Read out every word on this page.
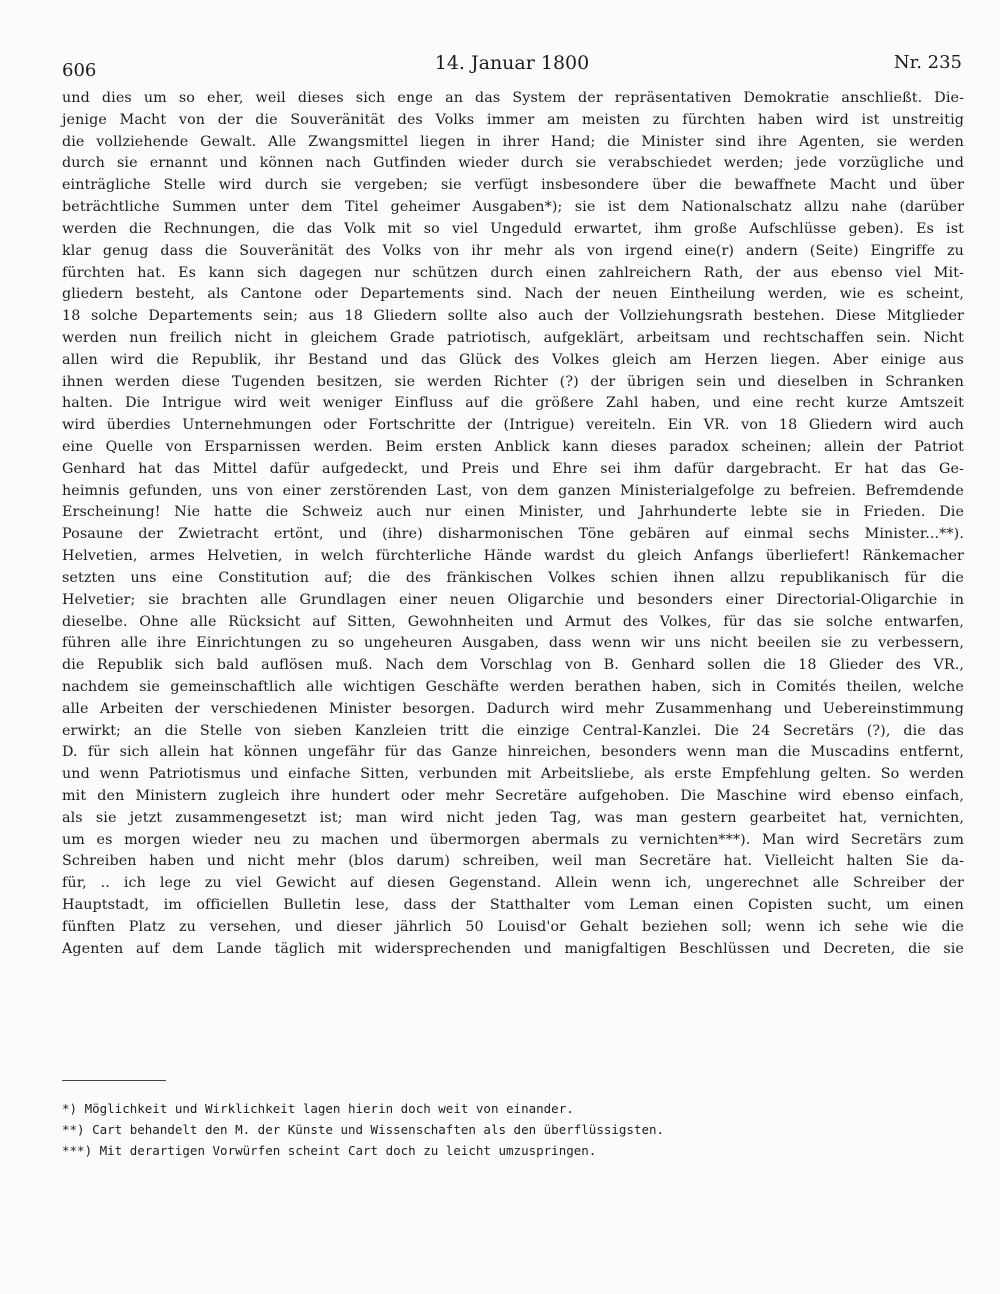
606	14. Januar 1800	Nr. 235
und dies um so eher, weil dieses sich enge an das System der repräsentativen Demokratie anschließt. Die-
jenige Macht von der die Souveränität des Volks immer am meisten zu fürchten haben wird ist unstreitig
die vollziehende Gewalt. Alle Zwangsmittel liegen in ihrer Hand; die Minister sind ihre Agenten, sie werden
durch sie ernannt und können nach Gutfinden wieder durch sie verabschiedet werden; jede vorzügliche und
einträgliche Stelle wird durch sie vergeben; sie verfügt insbesondere über die bewaffnete Macht und über
beträchtliche Summen unter dem Titel geheimer Ausgaben*); sie ist dem Nationalschatz allzu nahe (darüber
werden die Rechnungen, die das Volk mit so viel Ungeduld erwartet, ihm große Aufschlüsse geben). Es ist
klar genug dass die Souveränität des Volks von ihr mehr als von irgend eine(r) andern (Seite) Eingriffe zu
fürchten hat. Es kann sich dagegen nur schützen durch einen zahlreichern Rath, der aus ebenso viel Mit-
gliedern besteht, als Cantone oder Departements sind. Nach der neuen Eintheilung werden, wie es scheint,
18 solche Departements sein; aus 18 Gliedern sollte also auch der Vollziehungsrath bestehen. Diese Mitglieder
werden nun freilich nicht in gleichem Grade patriotisch, aufgeklärt, arbeitsam und rechtschaffen sein. Nicht
allen wird die Republik, ihr Bestand und das Glück des Volkes gleich am Herzen liegen. Aber einige aus
ihnen werden diese Tugenden besitzen, sie werden Richter (?) der übrigen sein und dieselben in Schranken
halten. Die Intrigue wird weit weniger Einfluss auf die größere Zahl haben, und eine recht kurze Amtszeit
wird überdies Unternehmungen oder Fortschritte der (Intrigue) vereiteln. Ein VR. von 18 Gliedern wird auch
eine Quelle von Ersparnissen werden. Beim ersten Anblick kann dieses paradox scheinen; allein der Patriot
Genhard hat das Mittel dafür aufgedeckt, und Preis und Ehre sei ihm dafür dargebracht. Er hat das Ge-
heimnis gefunden, uns von einer zerstörenden Last, von dem ganzen Ministerialgefolge zu befreien. Befremdende
Erscheinung! Nie hatte die Schweiz auch nur einen Minister, und Jahrhunderte lebte sie in Frieden. Die
Posaune der Zwietracht ertönt, und (ihre) disharmonischen Töne gebären auf einmal sechs Minister...**).
Helvetien, armes Helvetien, in welch fürchterliche Hände wardst du gleich Anfangs überliefert! Ränkemacher
setzten uns eine Constitution auf; die des fränkischen Volkes schien ihnen allzu republikanisch für die
Helvetier; sie brachten alle Grundlagen einer neuen Oligarchie und besonders einer Directorial-Oligarchie in
dieselbe. Ohne alle Rücksicht auf Sitten, Gewohnheiten und Armut des Volkes, für das sie solche entwarfen,
führen alle ihre Einrichtungen zu so ungeheuren Ausgaben, dass wenn wir uns nicht beeilen sie zu verbessern,
die Republik sich bald auflösen muß. Nach dem Vorschlag von B. Genhard sollen die 18 Glieder des VR.,
nachdem sie gemeinschaftlich alle wichtigen Geschäfte werden berathen haben, sich in Comités theilen, welche
alle Arbeiten der verschiedenen Minister besorgen. Dadurch wird mehr Zusammenhang und Uebereinstimmung
erwirkt; an die Stelle von sieben Kanzleien tritt die einzige Central-Kanzlei. Die 24 Secretärs (?), die das
D. für sich allein hat können ungefähr für das Ganze hinreichen, besonders wenn man die Muscadins entfernt,
und wenn Patriotismus und einfache Sitten, verbunden mit Arbeitsliebe, als erste Empfehlung gelten. So werden
mit den Ministern zugleich ihre hundert oder mehr Secretäre aufgehoben. Die Maschine wird ebenso einfach,
als sie jetzt zusammengesetzt ist; man wird nicht jeden Tag, was man gestern gearbeitet hat, vernichten,
um es morgen wieder neu zu machen und übermorgen abermals zu vernichten***). Man wird Secretärs zum
Schreiben haben und nicht mehr (blos darum) schreiben, weil man Secretäre hat. Vielleicht halten Sie da-
für, .. ich lege zu viel Gewicht auf diesen Gegenstand. Allein wenn ich, ungerechnet alle Schreiber der
Hauptstadt, im officiellen Bulletin lese, dass der Statthalter vom Leman einen Copisten sucht, um einen
fünften Platz zu versehen, und dieser jährlich 50 Louisd'or Gehalt beziehen soll; wenn ich sehe wie die
Agenten auf dem Lande täglich mit widersprechenden und manigfaltigen Beschlüssen und Decreten, die sie
*) Möglichkeit und Wirklichkeit lagen hierin doch weit von einander.
**) Cart behandelt den M. der Künste und Wissenschaften als den überflüssigsten.
***) Mit derartigen Vorwürfen scheint Cart doch zu leicht umzuspringen.
